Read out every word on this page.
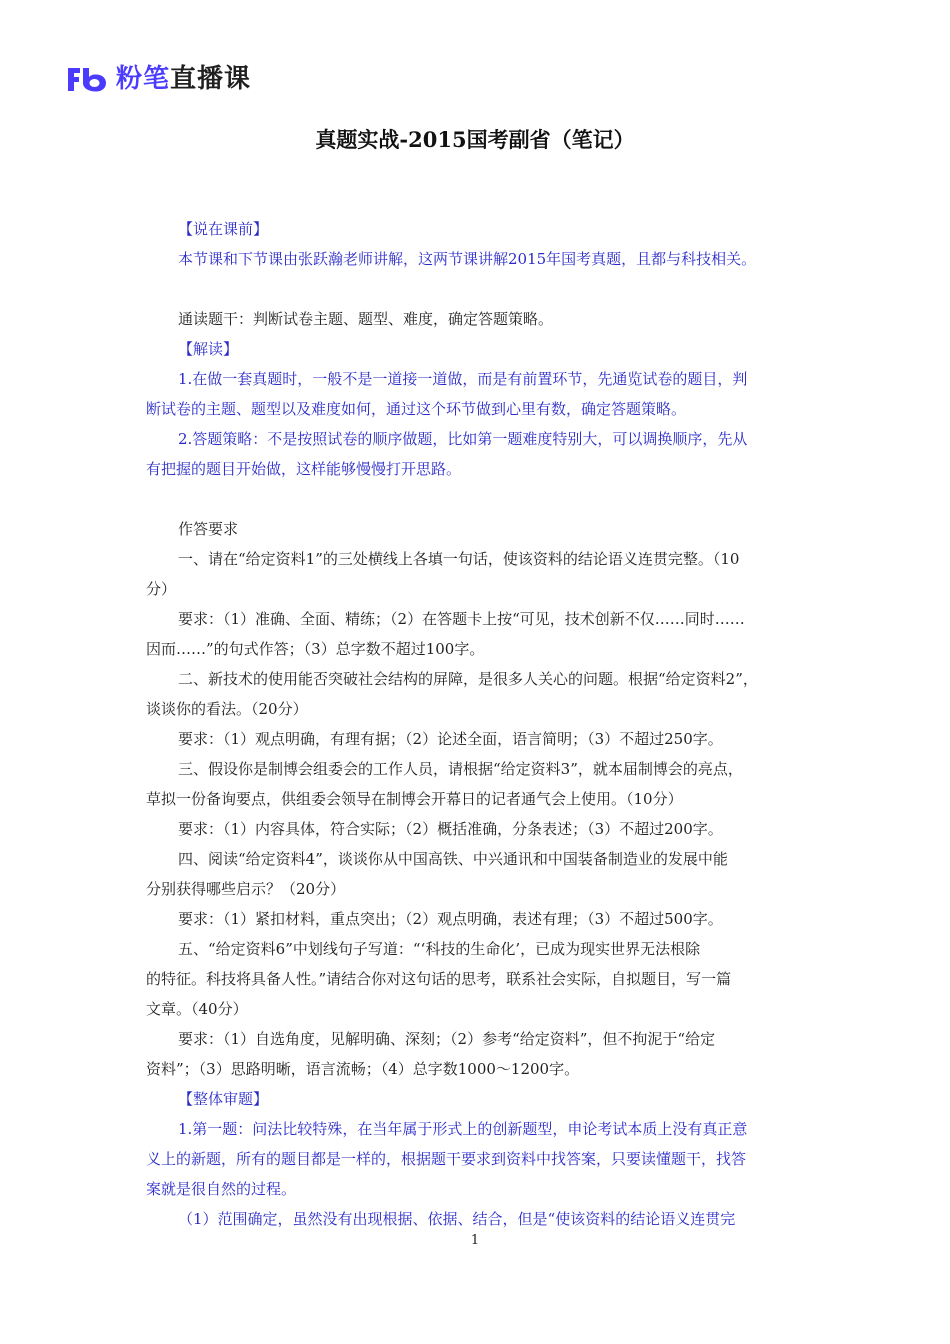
粉笔直播课
真题实战-2015国考副省（笔记）
【说在课前】
本节课和下节课由张跃瀚老师讲解，这两节课讲解2015年国考真题，且都与科技相关。
通读题干：判断试卷主题、题型、难度，确定答题策略。
【解读】
1.在做一套真题时，一般不是一道接一道做，而是有前置环节，先通览试卷的题目，判
断试卷的主题、题型以及难度如何，通过这个环节做到心里有数，确定答题策略。
2.答题策略：不是按照试卷的顺序做题，比如第一题难度特别大，可以调换顺序，先从
有把握的题目开始做，这样能够慢慢打开思路。
作答要求
一、请在“给定资料1”的三处横线上各填一句话，使该资料的结论语义连贯完整。（10
分）
要求：（1）准确、全面、精练；（2）在答题卡上按“可见，技术创新不仅……同时……
因而……”的句式作答；（3）总字数不超过100字。
二、新技术的使用能否突破社会结构的屏障，是很多人关心的问题。根据“给定资料2”，
谈谈你的看法。（20分）
要求：（1）观点明确，有理有据；（2）论述全面，语言简明；（3）不超过250字。
三、假设你是制博会组委会的工作人员，请根据“给定资料3”，就本届制博会的亮点，
草拟一份备询要点，供组委会领导在制博会开幕日的记者通气会上使用。（10分）
要求：（1）内容具体，符合实际；（2）概括准确，分条表述；（3）不超过200字。
四、阅读“给定资料4”，谈谈你从中国高铁、中兴通讯和中国装备制造业的发展中能
分别获得哪些启示？（20分）
要求：（1）紧扣材料，重点突出；（2）观点明确，表述有理；（3）不超过500字。
五、“给定资料6”中划线句子写道：“‘科技的生命化’，已成为现实世界无法根除
的特征。科技将具备人性。”请结合你对这句话的思考，联系社会实际，自拟题目，写一篇
文章。（40分）
要求：（1）自选角度，见解明确、深刻；（2）参考“给定资料”，但不拘泥于“给定
资料”；（3）思路明晰，语言流畅；（4）总字数1000～1200字。
【整体审题】
1.第一题：问法比较特殊，在当年属于形式上的创新题型，申论考试本质上没有真正意
义上的新题，所有的题目都是一样的，根据题干要求到资料中找答案，只要读懂题干，找答
案就是很自然的过程。
（1）范围确定，虽然没有出现根据、依据、结合，但是“使该资料的结论语义连贯完
1
